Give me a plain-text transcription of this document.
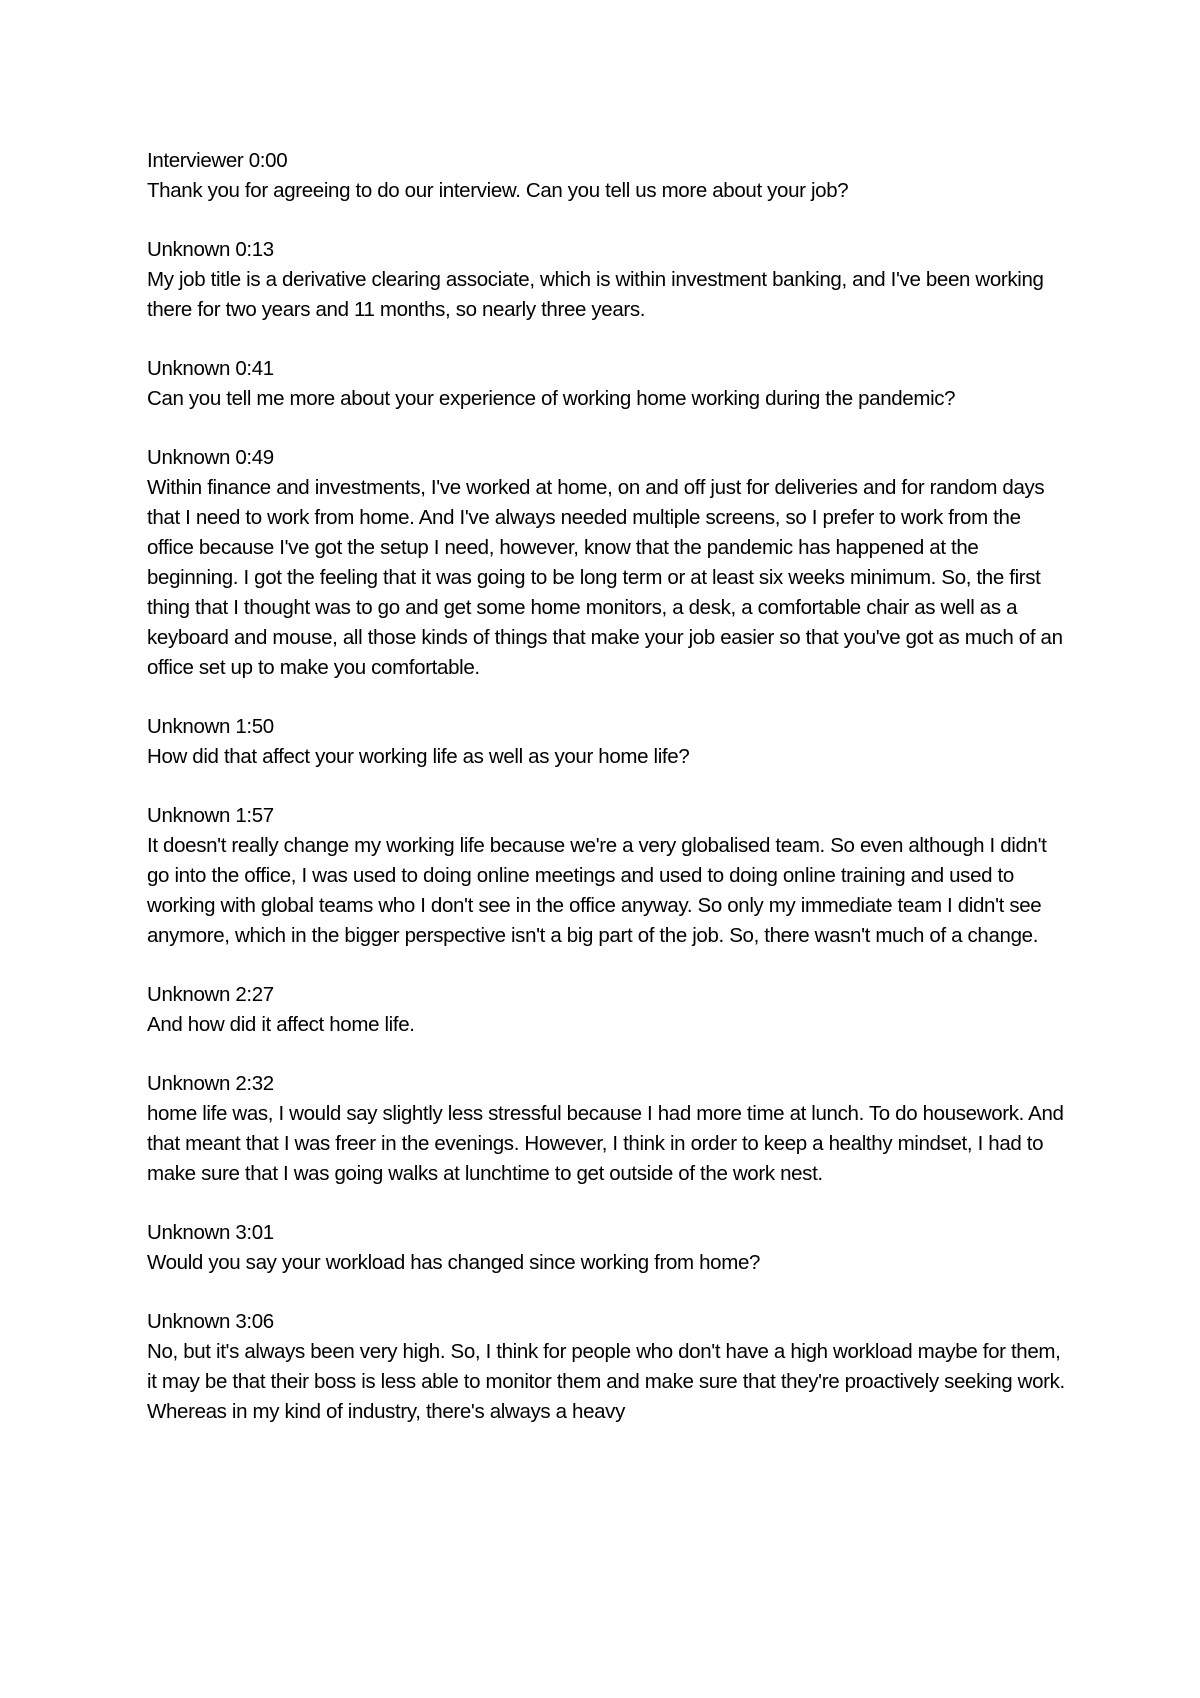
Interviewer 0:00

Thank you for agreeing to do our interview. Can you tell us more about your job?

Unknown 0:13

My job title is a derivative clearing associate, which is within investment banking, and I've been working there for two years and 11 months, so nearly three years.

Unknown 0:41

Can you tell me more about your experience of working home working during the pandemic?

Unknown 0:49

Within finance and investments, I've worked at home, on and off just for deliveries and for random days that I need to work from home. And I've always needed multiple screens, so I prefer to work from the office because I've got the setup I need, however, know that the pandemic has happened at the beginning. I got the feeling that it was going to be long term or at least six weeks minimum. So, the first thing that I thought was to go and get some home monitors, a desk, a comfortable chair as well as a keyboard and mouse, all those kinds of things that make your job easier so that you've got as much of an office set up to make you comfortable.

Unknown 1:50

How did that affect your working life as well as your home life?

Unknown 1:57

It doesn't really change my working life because we're a very globalised team. So even although I didn't go into the office, I was used to doing online meetings and used to doing online training and used to working with global teams who I don't see in the office anyway. So only my immediate team I didn't see anymore, which in the bigger perspective isn't a big part of the job. So, there wasn't much of a change.

Unknown 2:27

And how did it affect home life.

Unknown 2:32

home life was, I would say slightly less stressful because I had more time at lunch. To do housework. And that meant that I was freer in the evenings. However, I think in order to keep a healthy mindset, I had to make sure that I was going walks at lunchtime to get outside of the work nest.

Unknown 3:01

Would you say your workload has changed since working from home?

Unknown 3:06

No, but it's always been very high. So, I think for people who don't have a high workload maybe for them, it may be that their boss is less able to monitor them and make sure that they're proactively seeking work. Whereas in my kind of industry, there's always a heavy
